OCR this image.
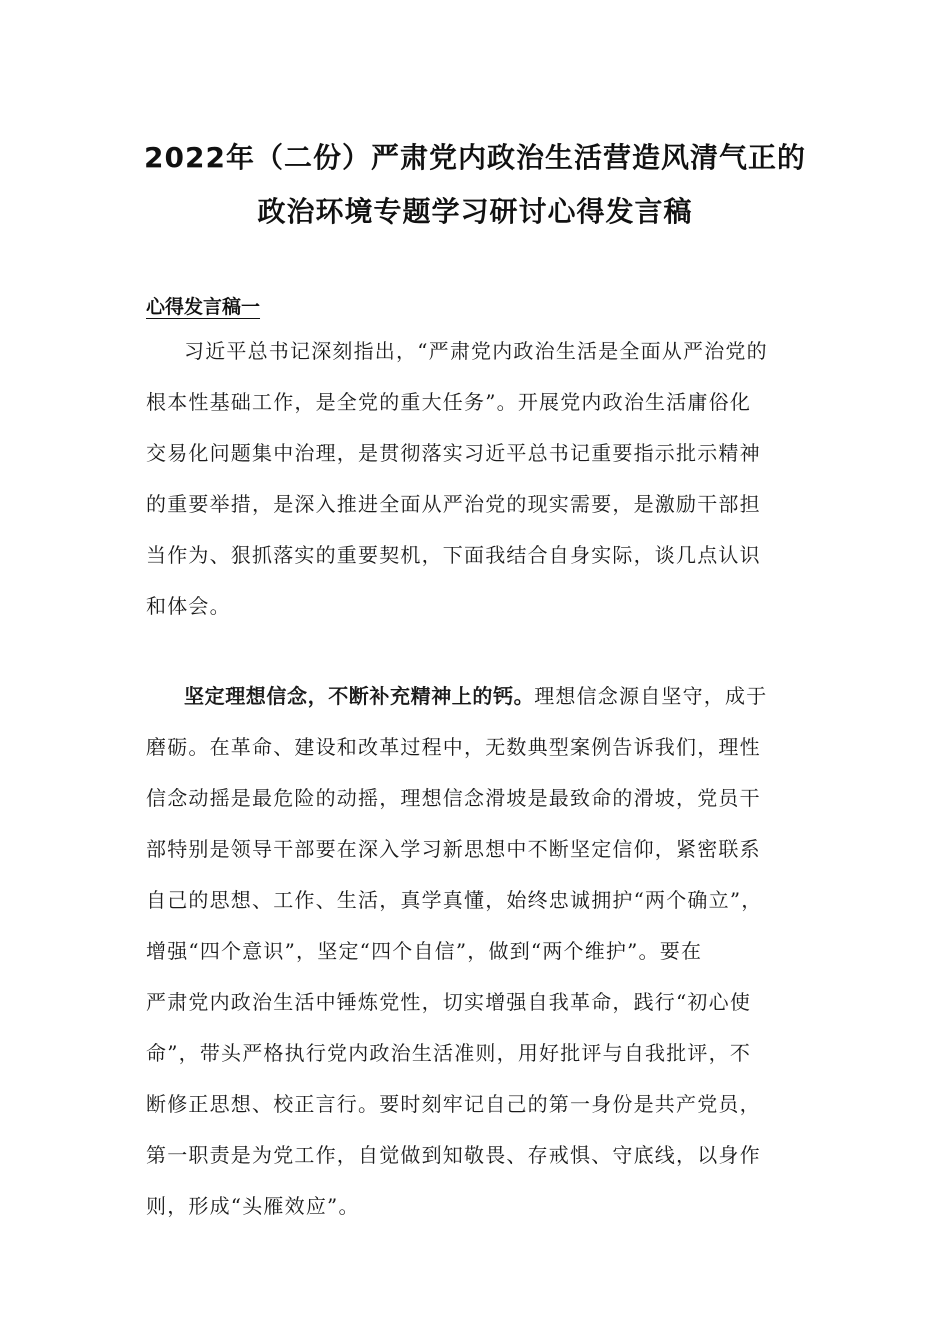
2022年（二份）严肃党内政治生活营造风清气正的
政治环境专题学习研讨心得发言稿
心得发言稿一
习近平总书记深刻指出，“严肃党内政治生活是全面从严治党的
根本性基础工作，是全党的重大任务”。开展党内政治生活庸俗化
交易化问题集中治理，是贯彻落实习近平总书记重要指示批示精神
的重要举措，是深入推进全面从严治党的现实需要，是激励干部担
当作为、狠抓落实的重要契机，下面我结合自身实际，谈几点认识
和体会。
坚定理想信念，不断补充精神上的钙。理想信念源自坚守，成于
磨砺。在革命、建设和改革过程中，无数典型案例告诉我们，理性
信念动摇是最危险的动摇，理想信念滑坡是最致命的滑坡，党员干
部特别是领导干部要在深入学习新思想中不断坚定信仰，紧密联系
自己的思想、工作、生活，真学真懂，始终忠诚拥护“两个确立”，
增强“四个意识”，坚定“四个自信”，做到“两个维护”。要在
严肃党内政治生活中锤炼党性，切实增强自我革命，践行“初心使
命”，带头严格执行党内政治生活准则，用好批评与自我批评，不
断修正思想、校正言行。要时刻牢记自己的第一身份是共产党员，
第一职责是为党工作，自觉做到知敬畏、存戒惧、守底线，以身作
则，形成“头雁效应”。
